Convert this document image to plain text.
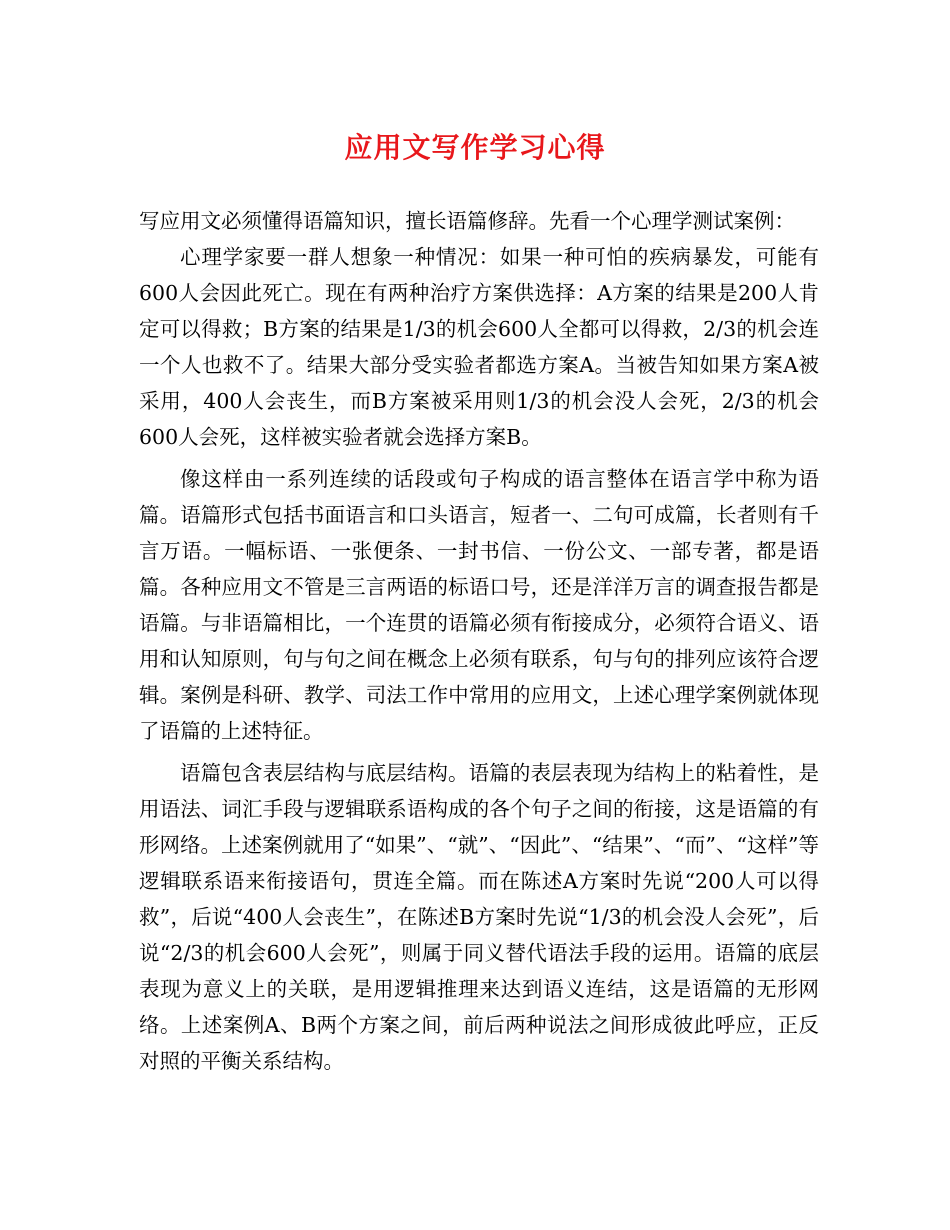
应用文写作学习心得

写应用文必须懂得语篇知识，擅长语篇修辞。先看一个心理学测试案例：

心理学家要一群人想象一种情况：如果一种可怕的疾病暴发，可能有600人会因此死亡。现在有两种治疗方案供选择：A方案的结果是200人肯定可以得救；B方案的结果是1/3的机会600人全都可以得救，2/3的机会连一个人也救不了。结果大部分受实验者都选方案A。当被告知如果方案A被采用，400人会丧生，而B方案被采用则1/3的机会没人会死，2/3的机会600人会死，这样被实验者就会选择方案B。

像这样由一系列连续的话段或句子构成的语言整体在语言学中称为语篇。语篇形式包括书面语言和口头语言，短者一、二句可成篇，长者则有千言万语。一幅标语、一张便条、一封书信、一份公文、一部专著，都是语篇。各种应用文不管是三言两语的标语口号，还是洋洋万言的调查报告都是语篇。与非语篇相比，一个连贯的语篇必须有衔接成分，必须符合语义、语用和认知原则，句与句之间在概念上必须有联系，句与句的排列应该符合逻辑。案例是科研、教学、司法工作中常用的应用文，上述心理学案例就体现了语篇的上述特征。

语篇包含表层结构与底层结构。语篇的表层表现为结构上的粘着性，是用语法、词汇手段与逻辑联系语构成的各个句子之间的衔接，这是语篇的有形网络。上述案例就用了“如果”、“就”、“因此”、“结果”、“而”、“这样”等逻辑联系语来衔接语句，贯连全篇。而在陈述A方案时先说“200人可以得救”，后说“400人会丧生”，在陈述B方案时先说“1/3的机会没人会死”，后说“2/3的机会600人会死”，则属于同义替代语法手段的运用。语篇的底层表现为意义上的关联，是用逻辑推理来达到语义连结，这是语篇的无形网络。上述案例A、B两个方案之间，前后两种说法之间形成彼此呼应，正反对照的平衡关系结构。
